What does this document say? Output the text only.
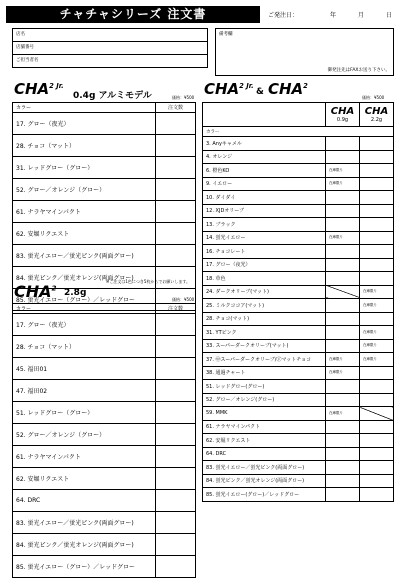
チャチャシリーズ 注文書	ご発注日：	年	月	日
店名
店舗番号
ご担当者名
備考欄
御発注先はFAXお送り下さい。
$CHA^{2 Jr.}$
0.4g アルミモデル	価格：¥500
カラー	注文数
17. グロー（夜光）	
28. チョコ（マット）	
31. レッドグロー（グロー）	
52. グロー／オレンジ（グロー）	
61. ナラヤマインパクト	
62. 安堀リクエスト	
83. 蛍光イエロー／蛍光ピンク(両面グロー)	
84. 蛍光ピンク／蛍光オレンジ(両面グロー)	
85. 蛍光イエロー（グロー）／レッドグロー	
※ご注文は1色につき5枚からでお願いします。
CHA$^2$ 2.8g
価格：¥500
カラー	注文数
17. グロー（夜光）	
28. チョコ（マット）	
45. 福田01	
47. 福田02	
51. レッドグロー（グロー）	
52. グロー／オレンジ（グロー）	
61. ナラヤマインパクト	
62. 安堀リクエスト	
64. DRC	
83. 蛍光イエロー／蛍光ピンク(両面グロー)	
84. 蛍光ピンク／蛍光オレンジ(両面グロー)	
85. 蛍光イエロー（グロー）／レッドグロー	
$CHA^{2 Jr.}$
& CHA$^2$
価格：¥500
	CHA
0.9g	CHA
2.2g

カラー		
3. Anyキャメル		
4. オレンジ		
6. 橙色KO	在庫限り	
9. イエロー	在庫限り	
10. ダイダイ		
12. XJDオリーブ		
13. ブラック		
14. 蛍光イエロー	在庫限り	
16. チョコレート		
17. グロー（夜光）		
18. 草色		
24. ダークオリーブ(マット)		在庫限り
25. ミルクココア(マット)		在庫限り
28. チョコ(マット)		
31. YTピンク		在庫限り
33. スーパーダークオリーブ(マット)		在庫限り
37. ㊥スーパーダークオリーブ/㊦マットチョコ	在庫限り	在庫限り
38. 通過チャート	在庫限り	
51. レッドグロー(グロー)		
52. グロー／オレンジ(グロー)		
59. MMK	在庫限り	
61. ナラヤマインパクト		
62. 安堀リクエスト		
64. DRC		
83. 蛍光イエロー／蛍光ピンク(両面グロー)		
84. 蛍光ピンク／蛍光オレンジ(両面グロー)		
85. 蛍光イエロー(グロー)／レッドグロー		
